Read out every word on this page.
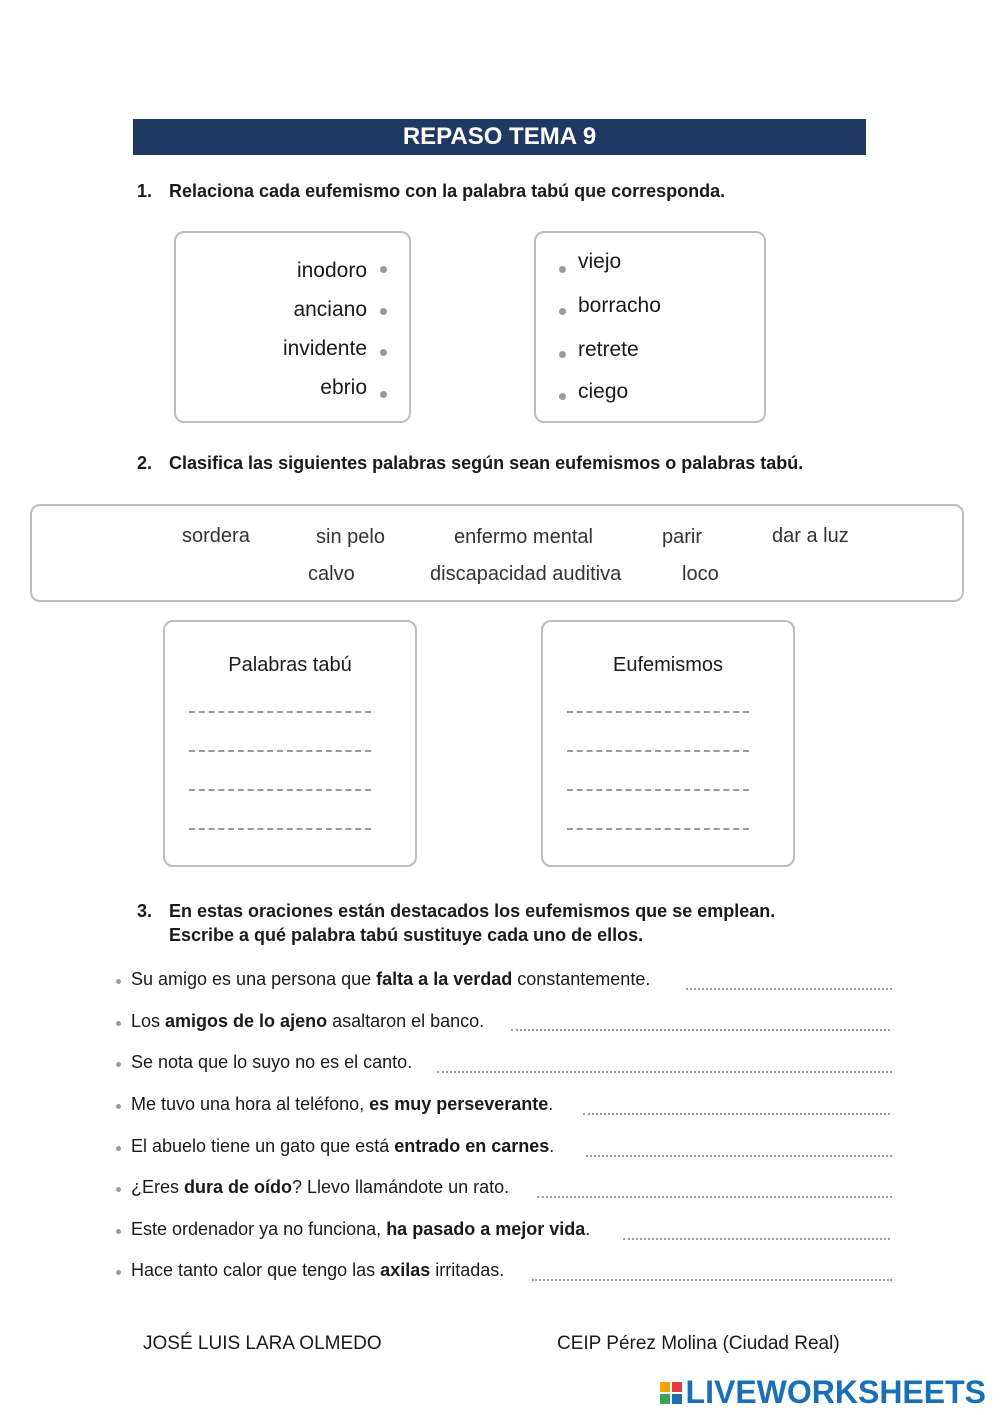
REPASO TEMA 9
1. Relaciona cada eufemismo con la palabra tabú que corresponda.
inodoro
anciano
invidente
ebrio
viejo
borracho
retrete
ciego
2. Clasifica las siguientes palabras según sean eufemismos o palabras tabú.
sordera	sin pelo	enfermo mental	parir	dar a luz
calvo	discapacidad auditiva	loco
Palabras tabú	Eufemismos
3. En estas oraciones están destacados los eufemismos que se emplean.
Escribe a qué palabra tabú sustituye cada uno de ellos.
Su amigo es una persona que falta a la verdad constantemente.
Los amigos de lo ajeno asaltaron el banco.
Se nota que lo suyo no es el canto.
Me tuvo una hora al teléfono, es muy perseverante.
El abuelo tiene un gato que está entrado en carnes.
¿Eres dura de oído? Llevo llamándote un rato.
Este ordenador ya no funciona, ha pasado a mejor vida.
Hace tanto calor que tengo las axilas irritadas.
JOSÉ LUIS LARA OLMEDO	CEIP Pérez Molina (Ciudad Real)
LIVEWORKSHEETS
